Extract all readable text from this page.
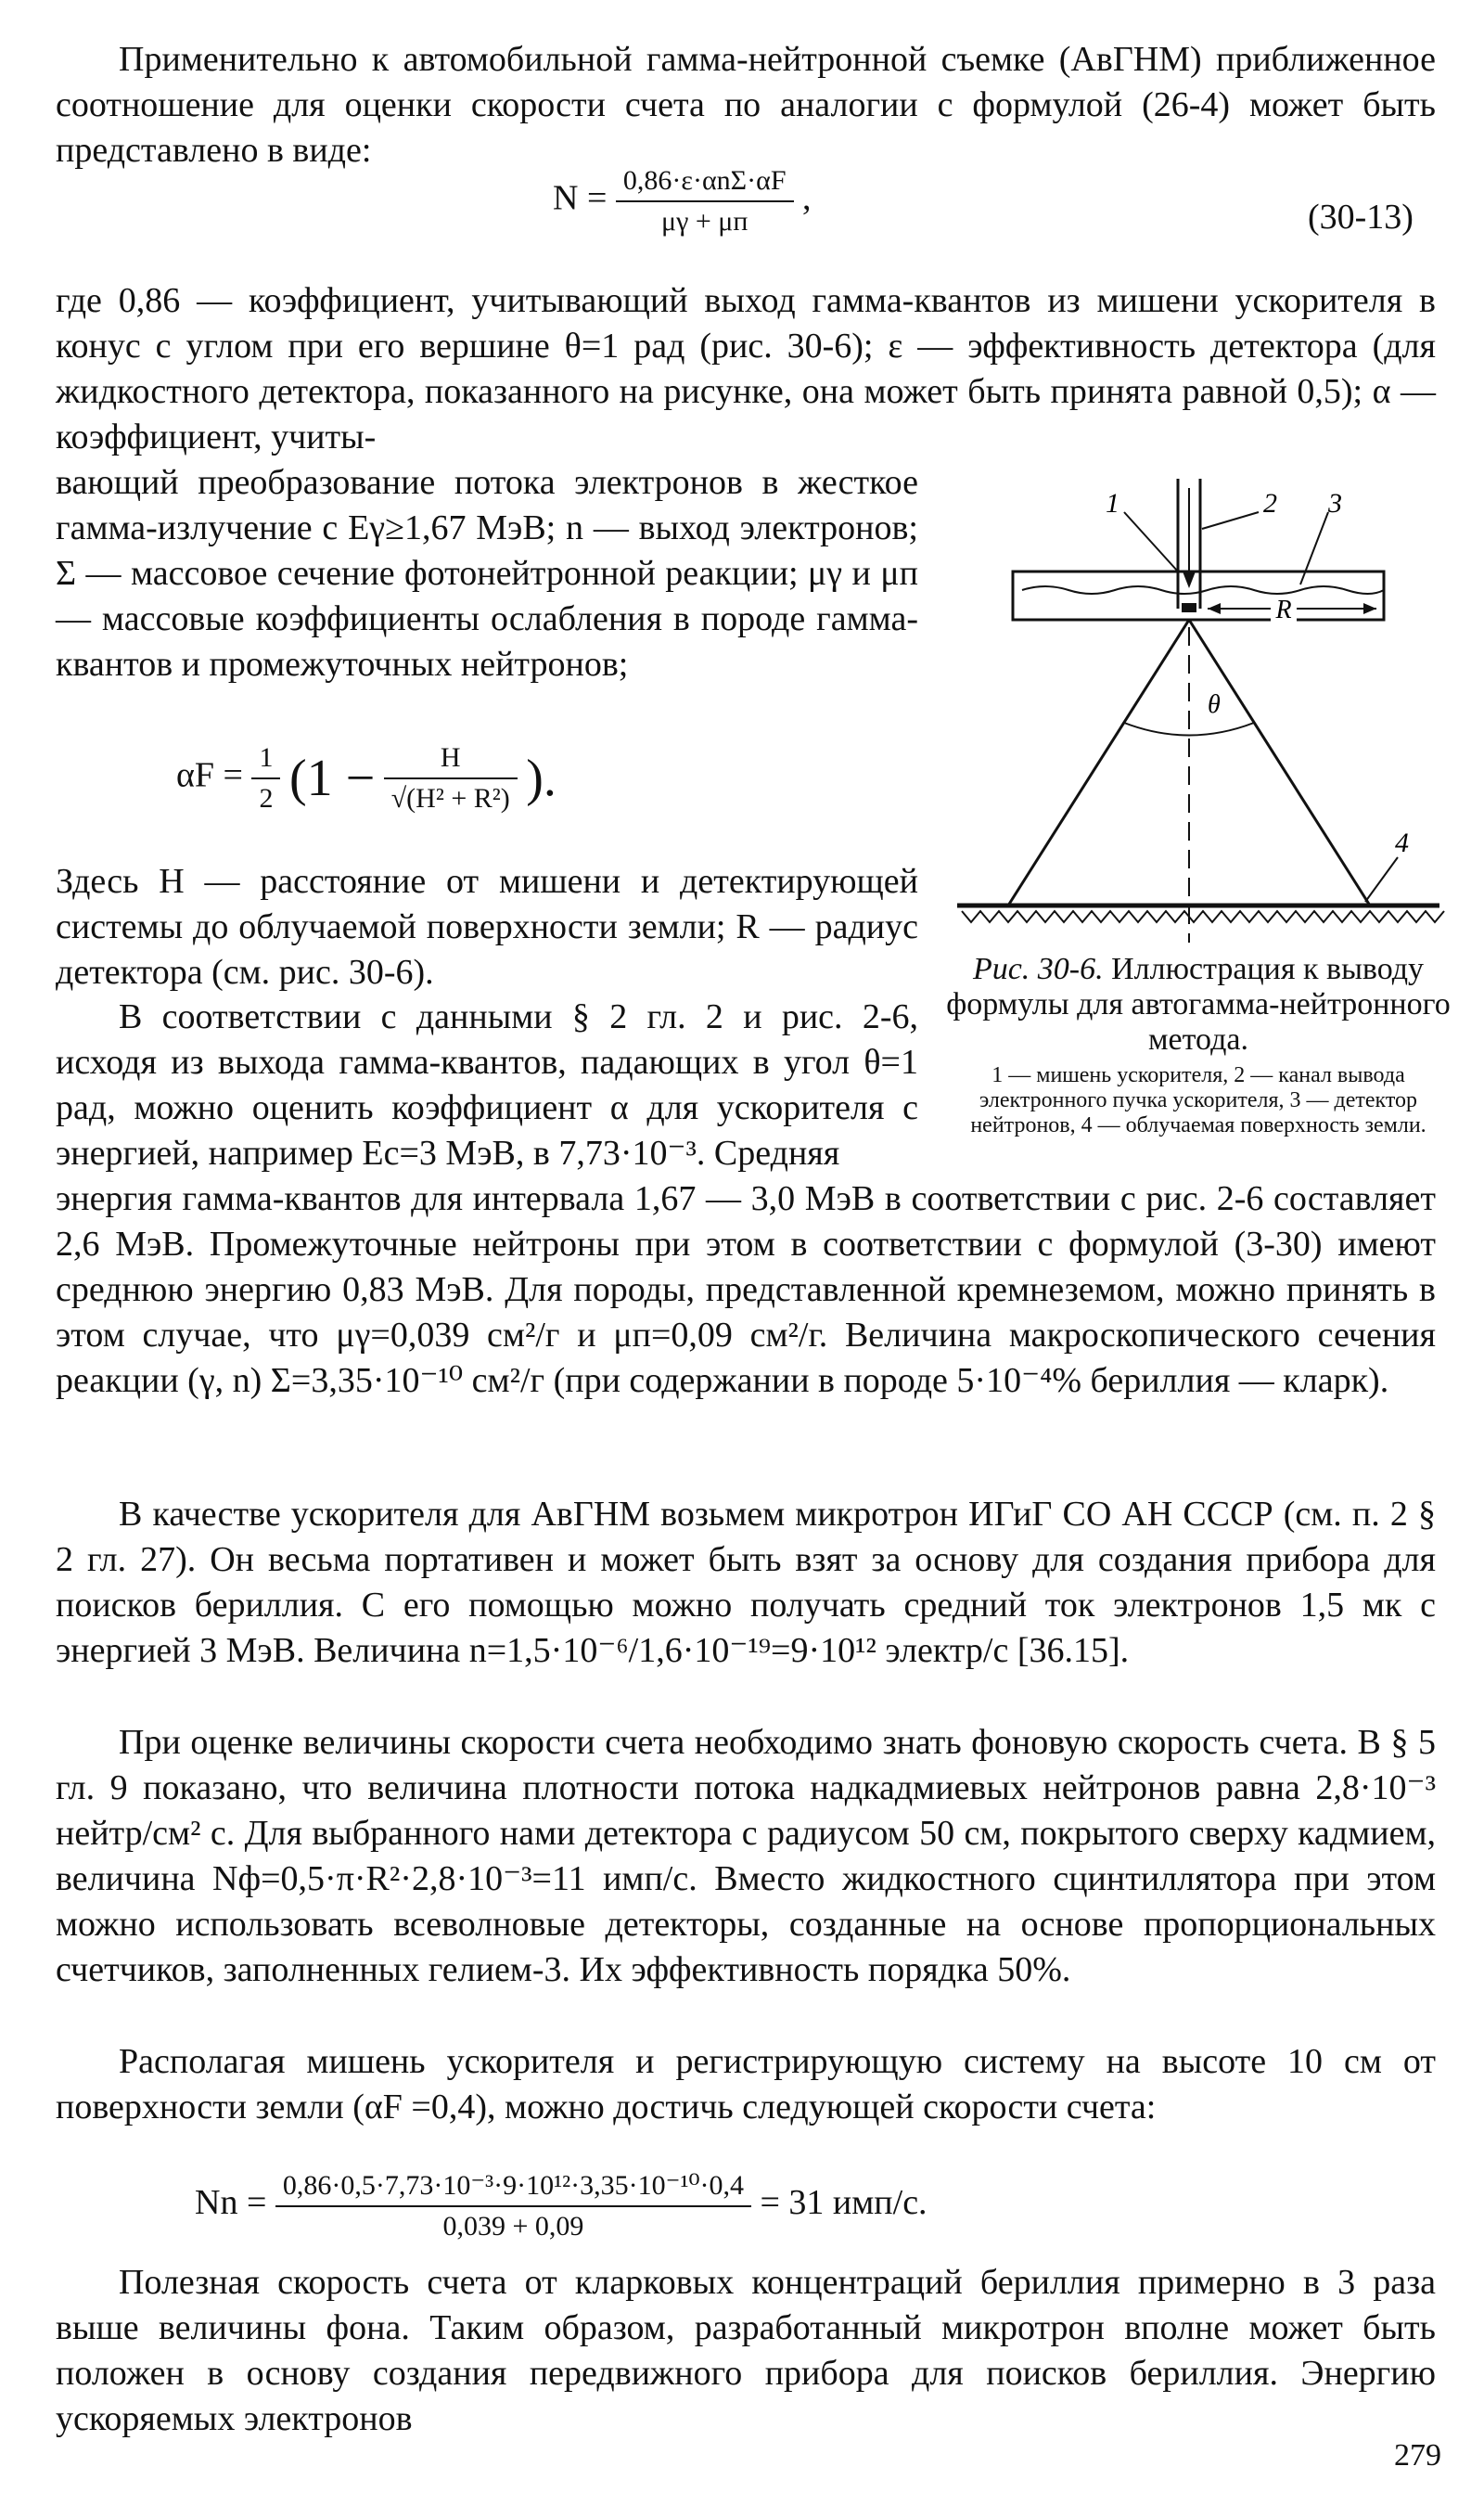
Применительно к автомобильной гамма-нейтронной съемке (АвГНМ) приближенное соотношение для оценки скорости счета по аналогии с формулой (26-4) может быть представлено в виде:

$N = \frac{\text{0,86·ε·αnΣ·αF}}{\mu\gamma + \mu п}$ ,	(30-13)

где 0,86 — коэффициент, учитывающий выход гамма-квантов из мишени ускорителя в конус с углом при его вершине θ=1 рад (рис. 30-6); ε — эффективность детектора (для жидкостного детектора, показанного на рисунке, она может быть принята равной 0,5); α — коэффициент, учиты-

вающий преобразование потока электронов в жесткое гамма-излучение с Eγ≥1,67 МэВ; n — выход электронов; Σ — массовое сечение фотонейтронной реакции; μγ и μп — массовые коэффициенты ослабления в породе гамма-квантов и промежуточных нейтронов;

$\alpha F = \frac{1}{2} (1 - \frac{H}{\text{√(H² + R²)}}$ ).

Здесь H — расстояние от мишени и детектирующей системы до облучаемой поверхности земли; R — радиус детектора (см. рис. 30-6).

В соответствии с данными § 2 гл. 2 и рис. 2-6, исходя из выхода гамма-квантов, падающих в угол θ=1 рад, можно оценить коэффициент α для ускорителя с энергией, например Ec=3 МэВ, в 7,73·10⁻³. Средняя

энергия гамма-квантов для интервала 1,67 — 3,0 МэВ в соответствии с рис. 2-6 составляет 2,6 МэВ. Промежуточные нейтроны при этом в соответствии с формулой (3-30) имеют среднюю энергию 0,83 МэВ. Для породы, представленной кремнеземом, можно принять в этом случае, что μγ=0,039 см²/г и μп=0,09 см²/г. Величина макроскопического сечения реакции (γ, n) Σ=3,35·10⁻¹⁰ см²/г (при содержании в породе 5·10⁻⁴% бериллия — кларк).

В качестве ускорителя для АвГНМ возьмем микротрон ИГиГ СО АН СССР (см. п. 2 § 2 гл. 27). Он весьма портативен и может быть взят за основу для создания прибора для поисков бериллия. С его помощью можно получать средний ток электронов 1,5 мк с энергией 3 МэВ. Величина n=1,5·10⁻⁶/1,6·10⁻¹⁹=9·10¹² электр/с [36.15].

При оценке величины скорости счета необходимо знать фоновую скорость счета. В § 5 гл. 9 показано, что величина плотности потока надкадмиевых нейтронов равна 2,8·10⁻³ нейтр/см² с. Для выбранного нами детектора с радиусом 50 см, покрытого сверху кадмием, величина Nф=0,5·π·R²·2,8·10⁻³=11 имп/с. Вместо жидкостного сцинтиллятора при этом можно использовать всеволновые детекторы, созданные на основе пропорциональных счетчиков, заполненных гелием-3. Их эффективность порядка 50%.

Располагая мишень ускорителя и регистрирующую систему на высоте 10 см от поверхности земли (αF =0,4), можно достичь следующей скорости счета:

$Nn = \frac{\text{0,86·0,5·7,73·10⁻³·9·10¹²·3,35·10⁻¹⁰·0,4}}{0,039 + 0,09} = 31$ имп/с.

Полезная скорость счета от кларковых концентраций бериллия примерно в 3 раза выше величины фона. Таким образом, разработанный микротрон вполне может быть положен в основу создания передвижного прибора для поисков бериллия. Энергию ускоряемых электронов

R
θ
1	2 3
4

Рис. 30-6. Иллюстрация к выводу формулы для автогамма-нейтронного метода.

1 — мишень ускорителя, 2 — канал вывода электронного пучка ускорителя, 3 — детектор нейтронов, 4 — облучаемая поверхность земли.

279
